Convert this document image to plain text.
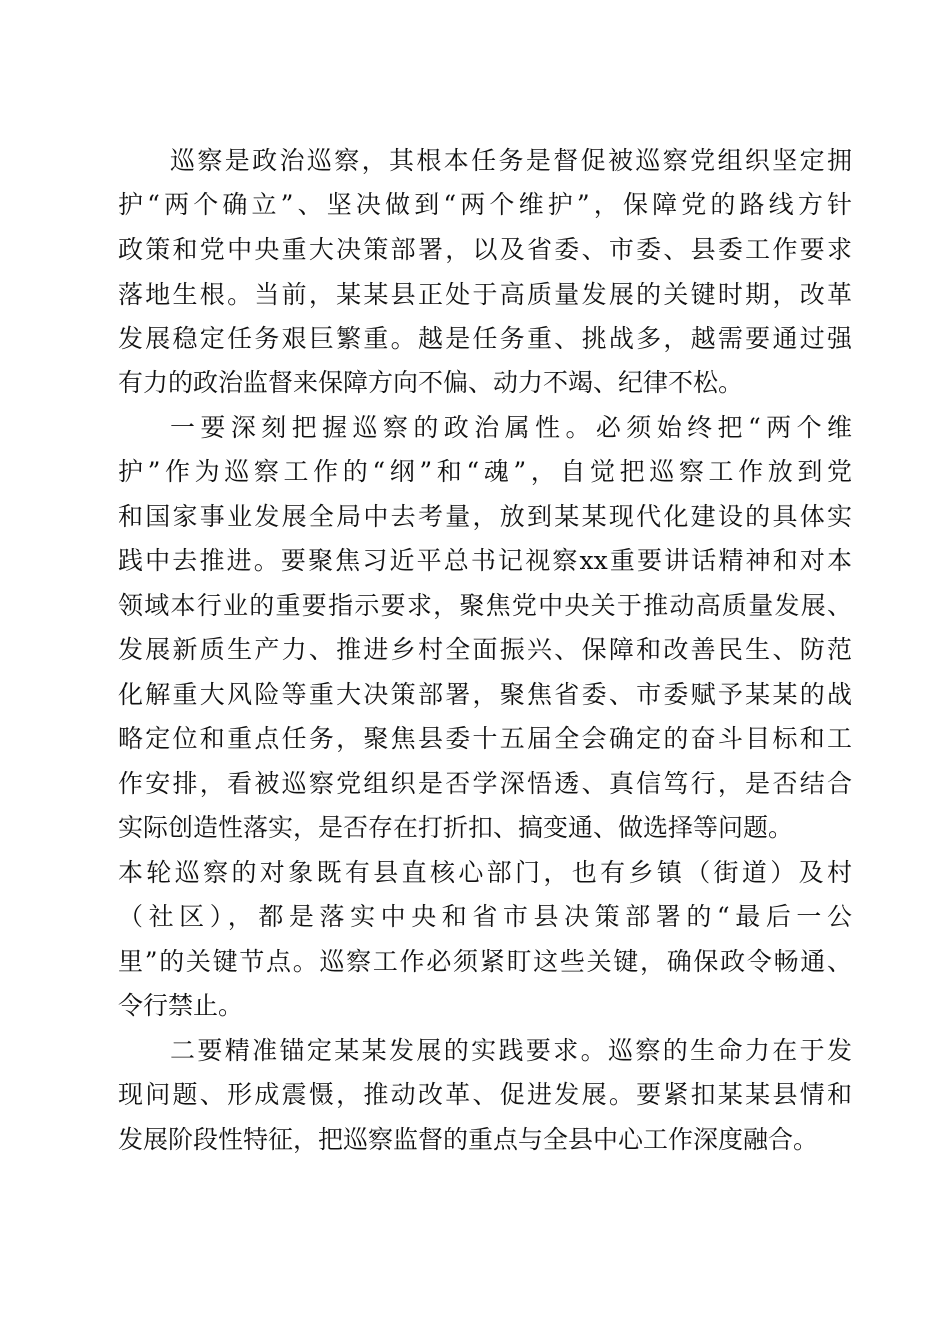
巡察是政治巡察，其根本任务是督促被巡察党组织坚定拥
护“两个确立”、坚决做到“两个维护”，保障党的路线方针
政策和党中央重大决策部署，以及省委、市委、县委工作要求
落地生根。当前，某某县正处于高质量发展的关键时期，改革
发展稳定任务艰巨繁重。越是任务重、挑战多，越需要通过强
有力的政治监督来保障方向不偏、动力不竭、纪律不松。
一要深刻把握巡察的政治属性。必须始终把“两个维
护”作为巡察工作的“纲”和“魂”，自觉把巡察工作放到党
和国家事业发展全局中去考量，放到某某现代化建设的具体实
践中去推进。要聚焦习近平总书记视察xx重要讲话精神和对本
领域本行业的重要指示要求，聚焦党中央关于推动高质量发展、
发展新质生产力、推进乡村全面振兴、保障和改善民生、防范
化解重大风险等重大决策部署，聚焦省委、市委赋予某某的战
略定位和重点任务，聚焦县委十五届全会确定的奋斗目标和工
作安排，看被巡察党组织是否学深悟透、真信笃行，是否结合
实际创造性落实，是否存在打折扣、搞变通、做选择等问题。
本轮巡察的对象既有县直核心部门，也有乡镇（街道）及村
（社区），都是落实中央和省市县决策部署的“最后一公
里”的关键节点。巡察工作必须紧盯这些关键，确保政令畅通、
令行禁止。
二要精准锚定某某发展的实践要求。巡察的生命力在于发
现问题、形成震慑，推动改革、促进发展。要紧扣某某县情和
发展阶段性特征，把巡察监督的重点与全县中心工作深度融合。
